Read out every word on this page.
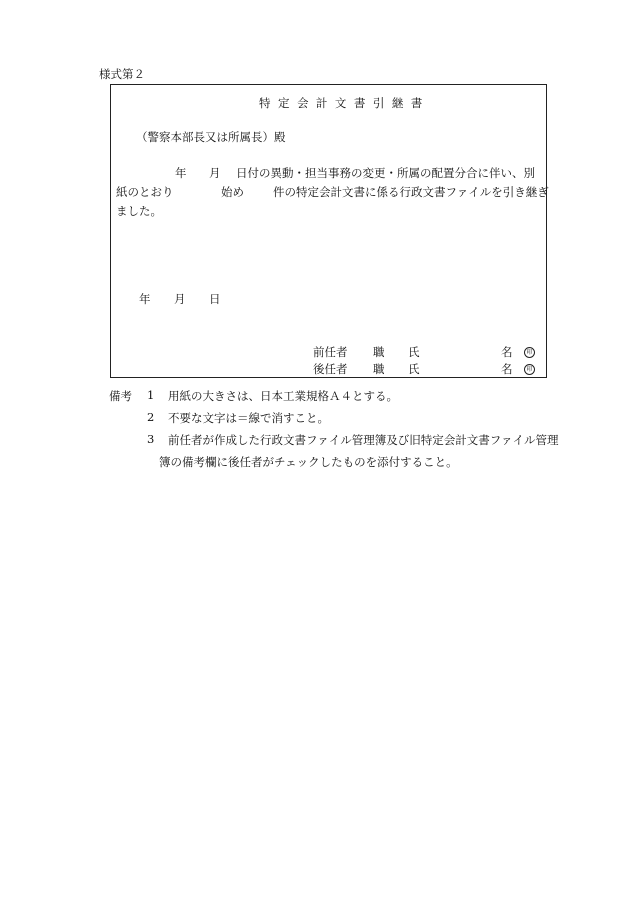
様式第２
特定会計文書引継書
（警察本部長又は所属長）殿
年 月 日付の異動・担当事務の変更・所属の配置分合に伴い、別
紙のとおり	始め	件の特定会計文書に係る行政文書ファイルを引き継ぎ
ました。
年 月 日
前任者 職 氏	名	印
後任者 職 氏	名	印
備考 1 用紙の大きさは、日本工業規格Ａ４とする。
2 不要な文字は＝線で消すこと。
3 前任者が作成した行政文書ファイル管理簿及び旧特定会計文書ファイル管理
簿の備考欄に後任者がチェックしたものを添付すること。
